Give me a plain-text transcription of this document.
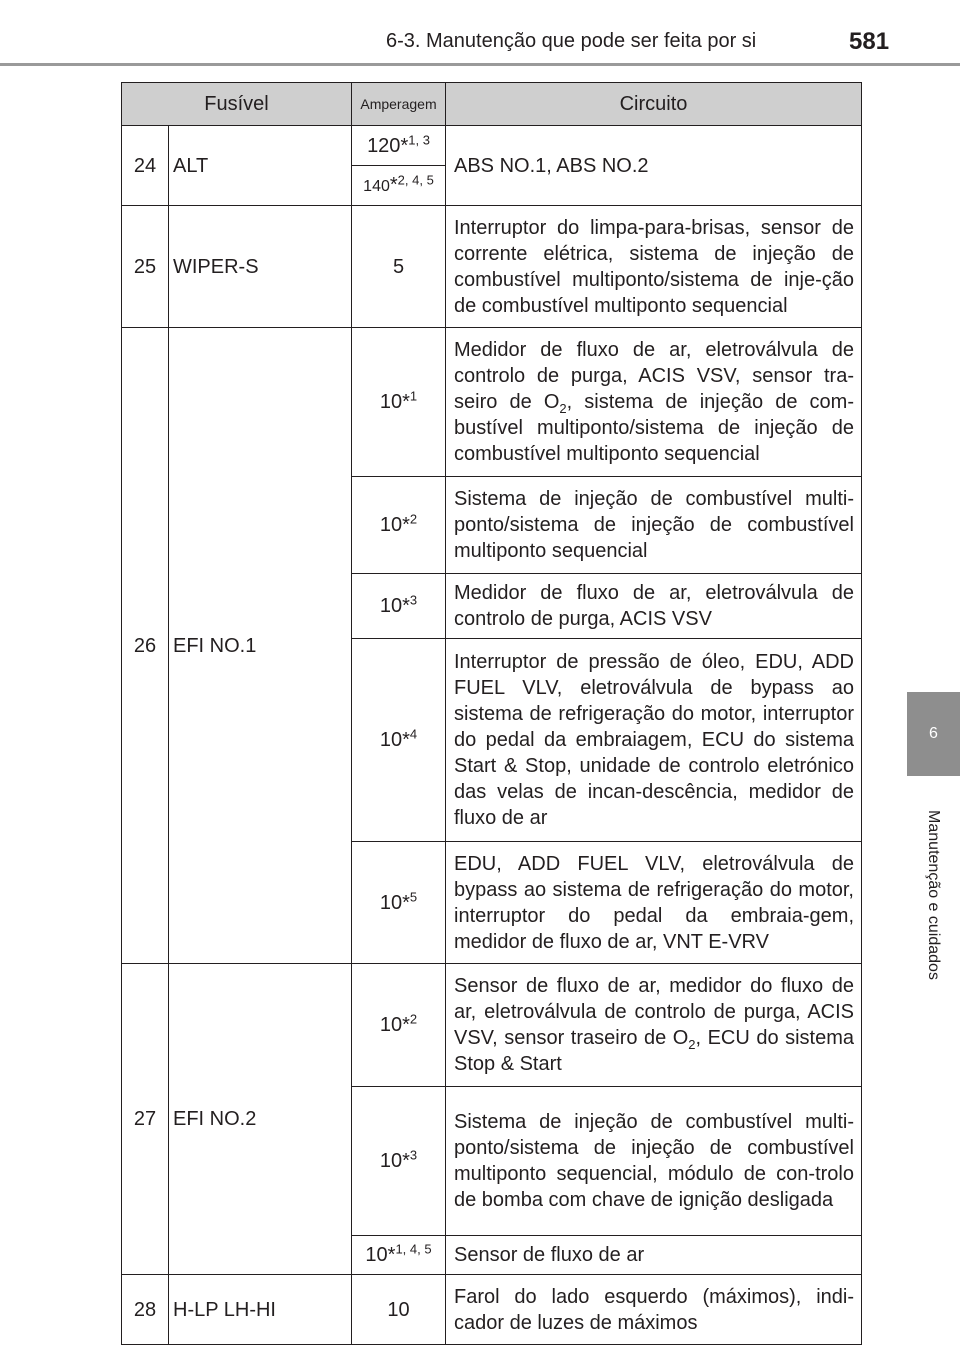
6-3. Manutenção que pode ser feita por si	581
6
Manutenção e cuidados
Fusível		Amperagem	Circuito
24	ALT	120*$^{1, 3}$	ABS NO.1, ABS NO.2
		140*$^{2, 4, 5}$
25	WIPER-S	5	Interruptor do limpa-para-brisas, sensor de corrente elétrica, sistema de injeção de combustível multiponto/sistema de inje-ção de combustível multiponto sequencial
26	EFI NO.1	10*$^1$	Medidor de fluxo de ar, eletroválvula de controlo de purga, ACIS VSV, sensor tra-seiro de $O_2$, sistema de injeção de com-bustível multiponto/sistema de injeção de combustível multiponto sequencial
		10*$^2$	Sistema de injeção de combustível multi-ponto/sistema de injeção de combustível multiponto sequencial
		10*$^3$	Medidor de fluxo de ar, eletroválvula de controlo de purga, ACIS VSV
		10*$^4$	Interruptor de pressão de óleo, EDU, ADD FUEL VLV, eletroválvula de bypass ao sistema de refrigeração do motor, interruptor do pedal da embraiagem, ECU do sistema Start & Stop, unidade de controlo eletrónico das velas de incan-descência, medidor de fluxo de ar
		10*$^5$	EDU, ADD FUEL VLV, eletroválvula de bypass ao sistema de refrigeração do motor, interruptor do pedal da embraia-gem, medidor de fluxo de ar, VNT E-VRV
27	EFI NO.2	10*$^2$	Sensor de fluxo de ar, medidor do fluxo de ar, eletroválvula de controlo de purga, ACIS VSV, sensor traseiro de $O_2$, ECU do sistema Stop & Start
		10*$^3$	Sistema de injeção de combustível multi-ponto/sistema de injeção de combustível multiponto sequencial, módulo de con-trolo de bomba com chave de ignição desligada
		10*$^{1, 4, 5}$	Sensor de fluxo de ar
28	H-LP LH-HI	10	Farol do lado esquerdo (máximos), indi-cador de luzes de máximos
